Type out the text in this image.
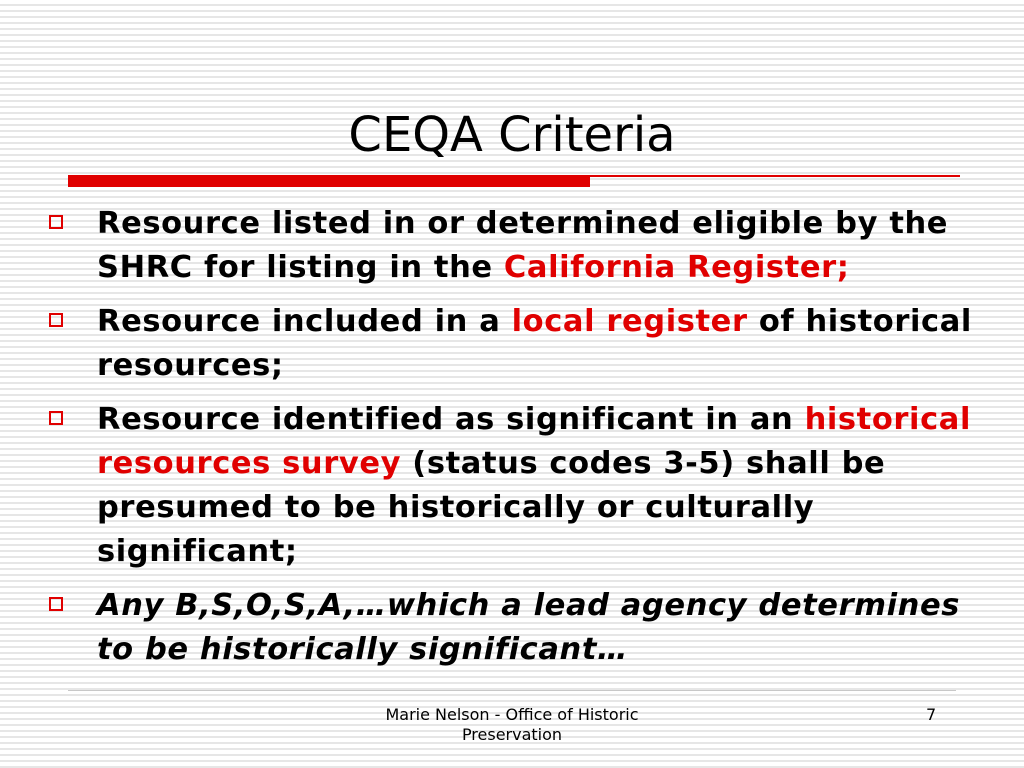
CEQA Criteria
Resource listed in or determined eligible by the SHRC for listing in the California Register;
Resource included in a local register of historical resources;
Resource identified as significant in an historical resources survey (status codes 3-5) shall be presumed to be historically or culturally significant;
Any B,S,O,S,A,…which a lead agency determines to be historically significant…
Marie Nelson - Office of Historic Preservation
7
